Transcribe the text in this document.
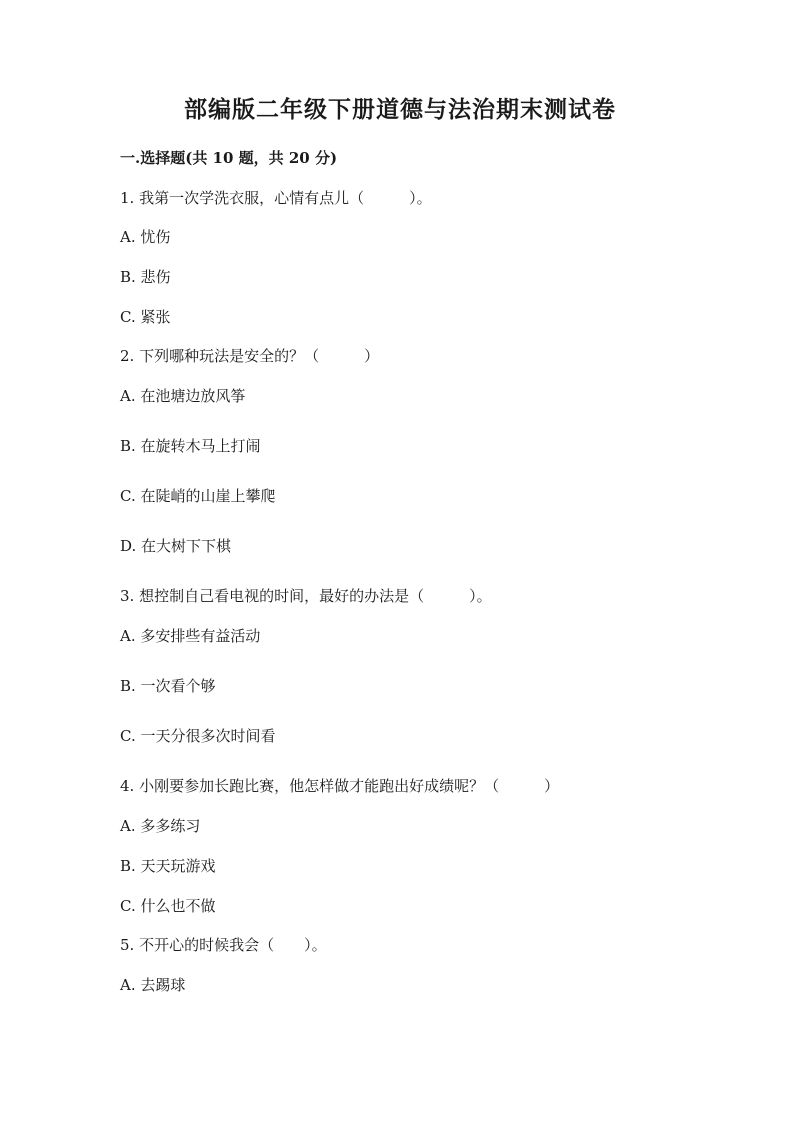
部编版二年级下册道德与法治期末测试卷
一.选择题(共 10 题，共 20 分)
1. 我第一次学洗衣服，心情有点儿（　　　）。
A. 忧伤
B. 悲伤
C. 紧张
2. 下列哪种玩法是安全的？（　　　）
A. 在池塘边放风筝
B. 在旋转木马上打闹
C. 在陡峭的山崖上攀爬
D. 在大树下下棋
3. 想控制自己看电视的时间，最好的办法是（　　　）。
A. 多安排些有益活动
B. 一次看个够
C. 一天分很多次时间看
4. 小刚要参加长跑比赛，他怎样做才能跑出好成绩呢？（　　　）
A. 多多练习
B. 天天玩游戏
C. 什么也不做
5. 不开心的时候我会（　　）。
A. 去踢球
